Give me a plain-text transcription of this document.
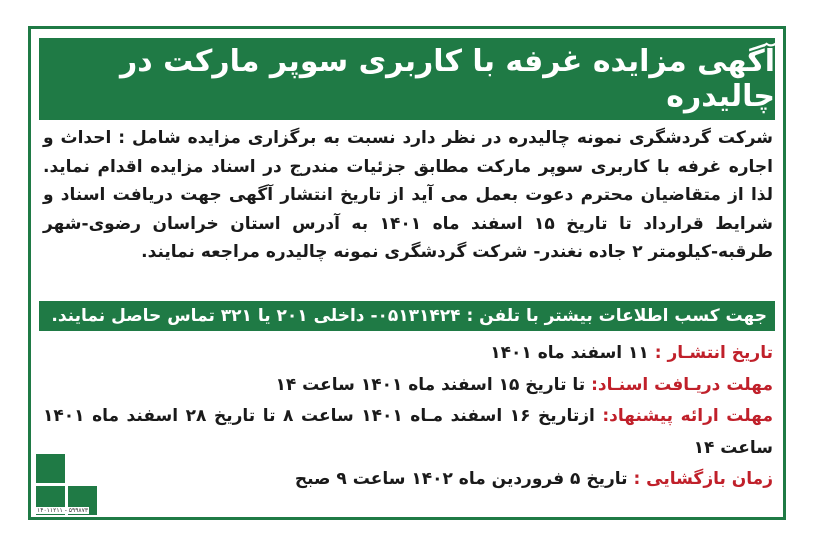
آگهی مزایده غرفه با کاربری سوپر مارکت در چالیدره
شرکت گردشگری نمونه چالیدره در نظر دارد نسبت به برگزاری مزایده شامل : احداث و اجاره غرفه با کاربری سوپر مارکت مطابق جزئیات مندرج در اسناد مزایده اقدام نماید. لذا از متقاضیان محترم دعوت بعمل می آید از تاریخ انتشار آگهی جهت دریافت اسناد و شرایط قرارداد تا تاریخ ۱۵ اسفند ماه ۱۴۰۱ به آدرس استان خراسان رضوی-شهر طرقبه-کیلومتر ۲ جاده نغندر- شرکت گردشگری نمونه چالیدره مراجعه نمایند.
جهت کسب اطلاعات بیشتر با تلفن : ۰۵۱۳۱۴۲۴- داخلی ۲۰۱ یا ۳۲۱ تماس حاصل نمایند.
تاریخ انتشـار : ۱۱ اسفند ماه ۱۴۰۱
مهلت دریـافت اسنـاد: تا تاریخ ۱۵ اسفند ماه ۱۴۰۱ ساعت ۱۴
مهلت ارائه پیشنهاد: ازتاریخ ۱۶ اسفند مـاه ۱۴۰۱ ساعت ۸ تا تاریخ ۲۸ اسفند ماه ۱۴۰۱ ساعت ۱۴
زمان بازگشایی : تاریخ ۵ فروردین ماه ۱۴۰۲ ساعت ۹ صبح
۱۴۰۱۱۲۱۱ - ۵۹۹۸۷۳
